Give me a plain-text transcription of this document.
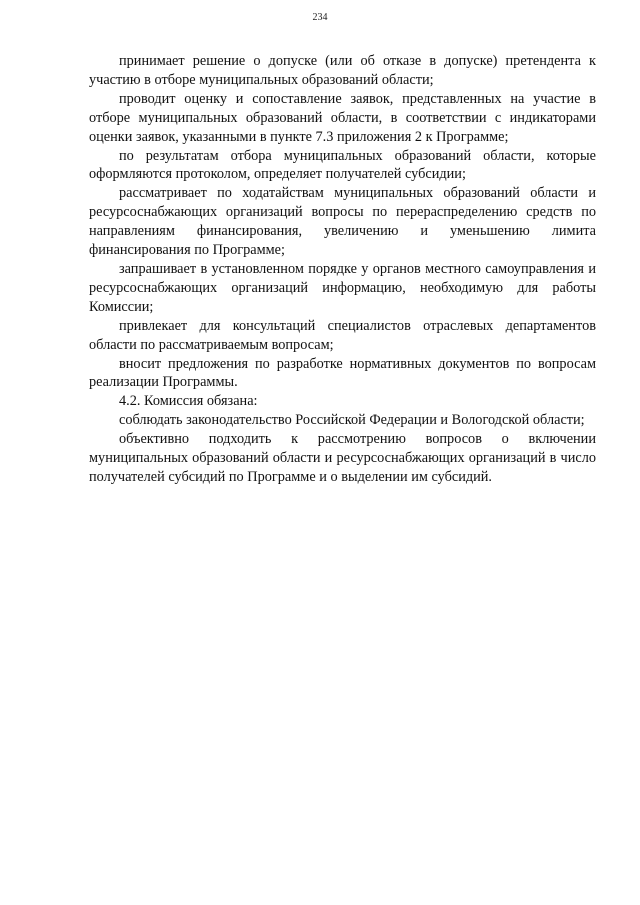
234

принимает решение о допуске (или об отказе в допуске) претендента к участию в отборе муниципальных образований области;

проводит оценку и сопоставление заявок, представленных на участие в отборе муниципальных образований области, в соответствии с индикаторами оценки заявок, указанными в пункте 7.3 приложения 2 к Программе;

по результатам отбора муниципальных образований области, которые оформляются протоколом, определяет получателей субсидии;

рассматривает по ходатайствам муниципальных образований области и ресурсоснабжающих организаций вопросы по перераспределению средств по направлениям финансирования, увеличению и уменьшению лимита финансирования по Программе;

запрашивает в установленном порядке у органов местного самоуправления и ресурсоснабжающих организаций информацию, необходимую для работы Комиссии;

привлекает для консультаций специалистов отраслевых департаментов области по рассматриваемым вопросам;

вносит предложения по разработке нормативных документов по вопросам реализации Программы.

4.2. Комиссия обязана:

соблюдать законодательство Российской Федерации и Вологодской области;

объективно подходить к рассмотрению вопросов о включении муниципальных образований области и ресурсоснабжающих организаций в число получателей субсидий по Программе и о выделении им субсидий.
